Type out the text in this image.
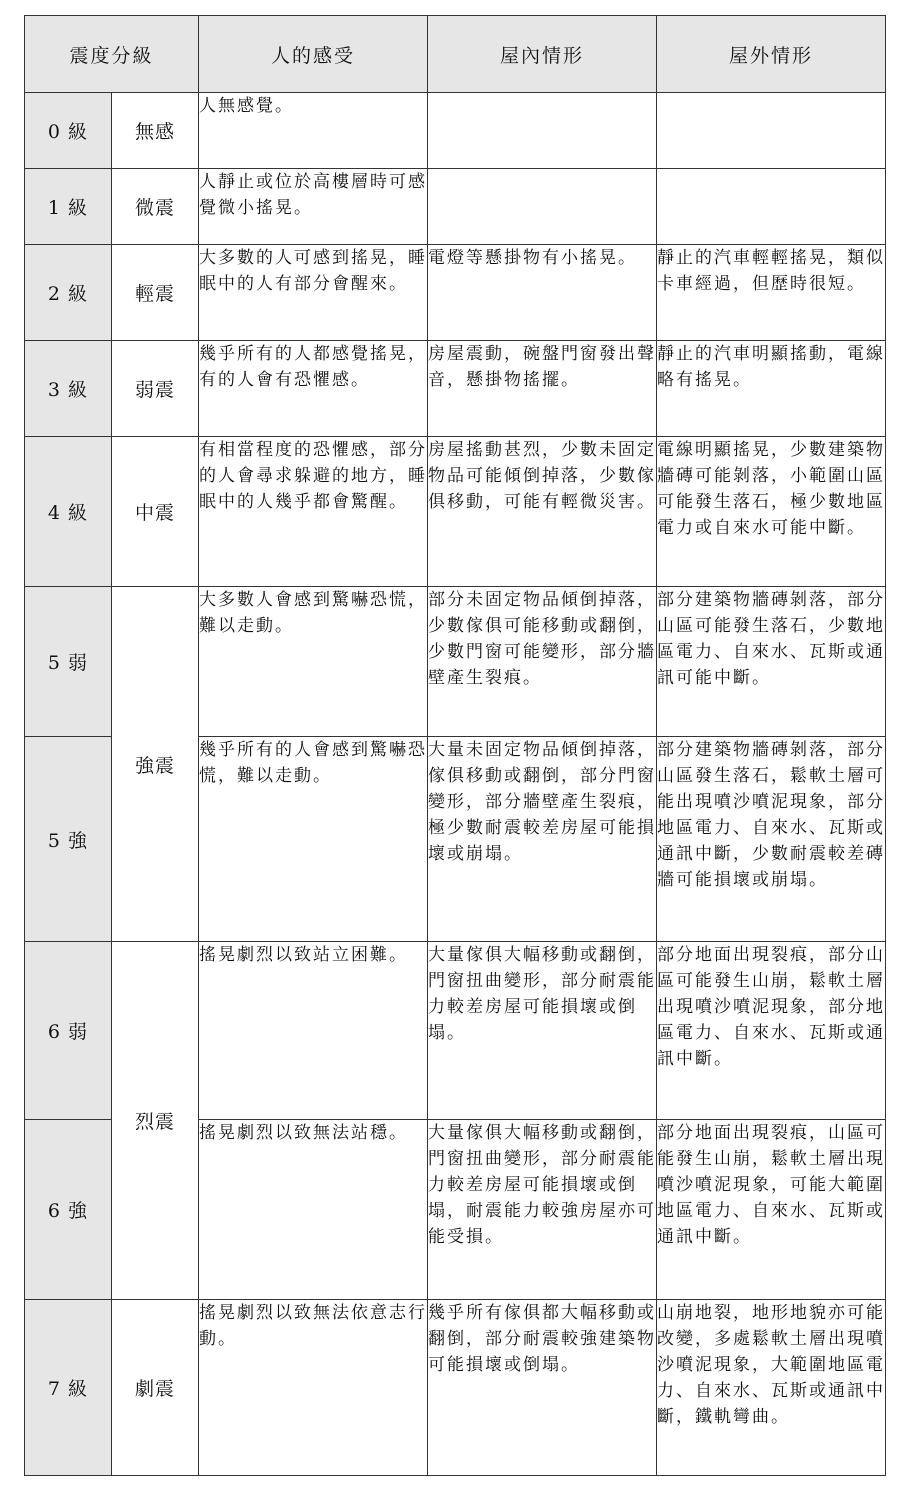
震度分級		人的感受	屋內情形	屋外情形
0 級	無感	人無感覺。		
1 級	微震	人靜止或位於高樓層時可感覺微小搖晃。		
2 級	輕震	大多數的人可感到搖晃，睡眠中的人有部分會醒來。	電燈等懸掛物有小搖晃。	靜止的汽車輕輕搖晃，類似卡車經過，但歷時很短。
3 級	弱震	幾乎所有的人都感覺搖晃，有的人會有恐懼感。	房屋震動，碗盤門窗發出聲音，懸掛物搖擺。	靜止的汽車明顯搖動，電線略有搖晃。
4 級	中震	有相當程度的恐懼感，部分的人會尋求躲避的地方，睡眠中的人幾乎都會驚醒。	房屋搖動甚烈，少數未固定物品可能傾倒掉落，少數傢俱移動，可能有輕微災害。	電線明顯搖晃，少數建築物牆磚可能剝落，小範圍山區可能發生落石，極少數地區電力或自來水可能中斷。
5 弱	強震	大多數人會感到驚嚇恐慌，難以走動。	部分未固定物品傾倒掉落，少數傢俱可能移動或翻倒，少數門窗可能變形，部分牆壁產生裂痕。	部分建築物牆磚剝落，部分山區可能發生落石，少數地區電力、自來水、瓦斯或通訊可能中斷。
5 強		幾乎所有的人會感到驚嚇恐慌，難以走動。	大量未固定物品傾倒掉落，傢俱移動或翻倒，部分門窗變形，部分牆壁產生裂痕，極少數耐震較差房屋可能損壞或崩塌。	部分建築物牆磚剝落，部分山區發生落石，鬆軟土層可能出現噴沙噴泥現象，部分地區電力、自來水、瓦斯或通訊中斷，少數耐震較差磚牆可能損壞或崩塌。
6 弱	烈震	搖晃劇烈以致站立困難。	大量傢俱大幅移動或翻倒，門窗扭曲變形，部分耐震能力較差房屋可能損壞或倒塌。	部分地面出現裂痕，部分山區可能發生山崩，鬆軟土層出現噴沙噴泥現象，部分地區電力、自來水、瓦斯或通訊中斷。
6 強		搖晃劇烈以致無法站穩。	大量傢俱大幅移動或翻倒，門窗扭曲變形，部分耐震能力較差房屋可能損壞或倒塌，耐震能力較強房屋亦可能受損。	部分地面出現裂痕，山區可能發生山崩，鬆軟土層出現噴沙噴泥現象，可能大範圍地區電力、自來水、瓦斯或通訊中斷。
7 級	劇震	搖晃劇烈以致無法依意志行動。	幾乎所有傢俱都大幅移動或翻倒，部分耐震較強建築物可能損壞或倒塌。	山崩地裂，地形地貌亦可能改變，多處鬆軟土層出現噴沙噴泥現象，大範圍地區電力、自來水、瓦斯或通訊中斷，鐵軌彎曲。
